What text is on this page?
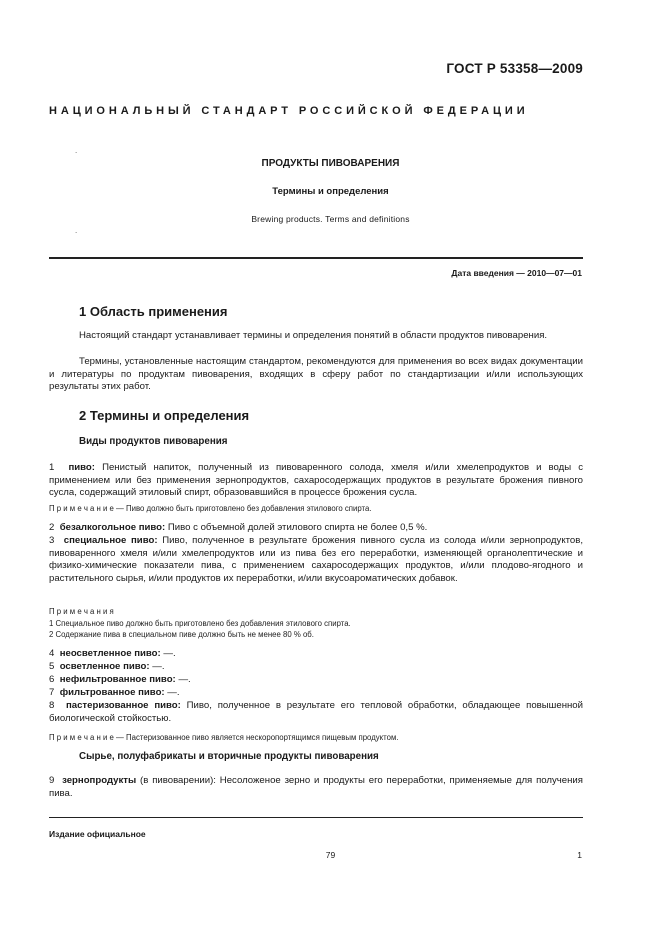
ГОСТ Р 53358—2009
НАЦИОНАЛЬНЫЙ СТАНДАРТ РОССИЙСКОЙ ФЕДЕРАЦИИ
.
ПРОДУКТЫ ПИВОВАРЕНИЯ
Термины и определения
Brewing products. Terms and definitions
.
Дата введения — 2010—07—01
1 Область применения
Настоящий стандарт устанавливает термины и определения понятий в области продуктов пивоварения.
Термины, установленные настоящим стандартом, рекомендуются для применения во всех видах документации и литературы по продуктам пивоварения, входящих в сферу работ по стандартизации и/или использующих результаты этих работ.
2 Термины и определения
Виды продуктов пивоварения
1 пиво: Пенистый напиток, полученный из пивоваренного солода, хмеля и/или хмелепродуктов и воды с применением или без применения зернопродуктов, сахаросодержащих продуктов в результате брожения пивного сусла, содержащий этиловый спирт, образовавшийся в процессе брожения сусла.
П р и м е ч а н и е — Пиво должно быть приготовлено без добавления этилового спирта.
2 безалкогольное пиво: Пиво с объемной долей этилового спирта не более 0,5 %.
3 специальное пиво: Пиво, полученное в результате брожения пивного сусла из солода и/или зернопродуктов, пивоваренного хмеля и/или хмелепродуктов или из пива без его переработки, изменяющей органолептические и физико-химические показатели пива, с применением сахаросодержащих продуктов, и/или плодово-ягодного и растительного сырья, и/или продуктов их переработки, и/или вкусоароматических добавок.
П р и м е ч а н и я
1 Специальное пиво должно быть приготовлено без добавления этилового спирта.
2 Содержание пива в специальном пиве должно быть не менее 80 % об.
4 неосветленное пиво: —.
5 осветленное пиво: —.
6 нефильтрованное пиво: —.
7 фильтрованное пиво: —.
8 пастеризованное пиво: Пиво, полученное в результате его тепловой обработки, обладающее повышенной биологической стойкостью.
П р и м е ч а н и е — Пастеризованное пиво является нескоропортящимся пищевым продуктом.
Сырье, полуфабрикаты и вторичные продукты пивоварения
9 зернопродукты (в пивоварении): Несоложеное зерно и продукты его переработки, применяемые для получения пива.
Издание официальное
79	1
